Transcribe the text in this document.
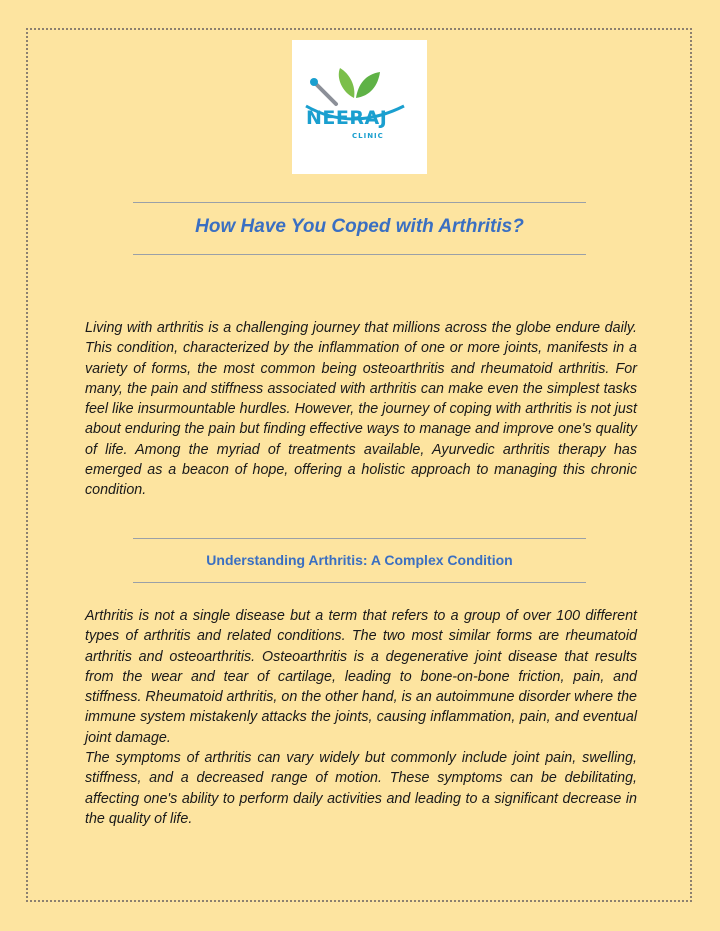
NEERAJ
CLINIC
How Have You Coped with Arthritis?

Living with arthritis is a challenging journey that millions across the globe endure daily. This condition, characterized by the inflammation of one or more joints, manifests in a variety of forms, the most common being osteoarthritis and rheumatoid arthritis. For many, the pain and stiffness associated with arthritis can make even the simplest tasks feel like insurmountable hurdles. However, the journey of coping with arthritis is not just about enduring the pain but finding effective ways to manage and improve one's quality of life. Among the myriad of treatments available, Ayurvedic arthritis therapy has emerged as a beacon of hope, offering a holistic approach to managing this chronic condition.

Understanding Arthritis: A Complex Condition

Arthritis is not a single disease but a term that refers to a group of over 100 different types of arthritis and related conditions. The two most similar forms are rheumatoid arthritis and osteoarthritis. Osteoarthritis is a degenerative joint disease that results from the wear and tear of cartilage, leading to bone-on-bone friction, pain, and stiffness. Rheumatoid arthritis, on the other hand, is an autoimmune disorder where the immune system mistakenly attacks the joints, causing inflammation, pain, and eventual joint damage.

The symptoms of arthritis can vary widely but commonly include joint pain, swelling, stiffness, and a decreased range of motion. These symptoms can be debilitating, affecting one's ability to perform daily activities and leading to a significant decrease in the quality of life.
